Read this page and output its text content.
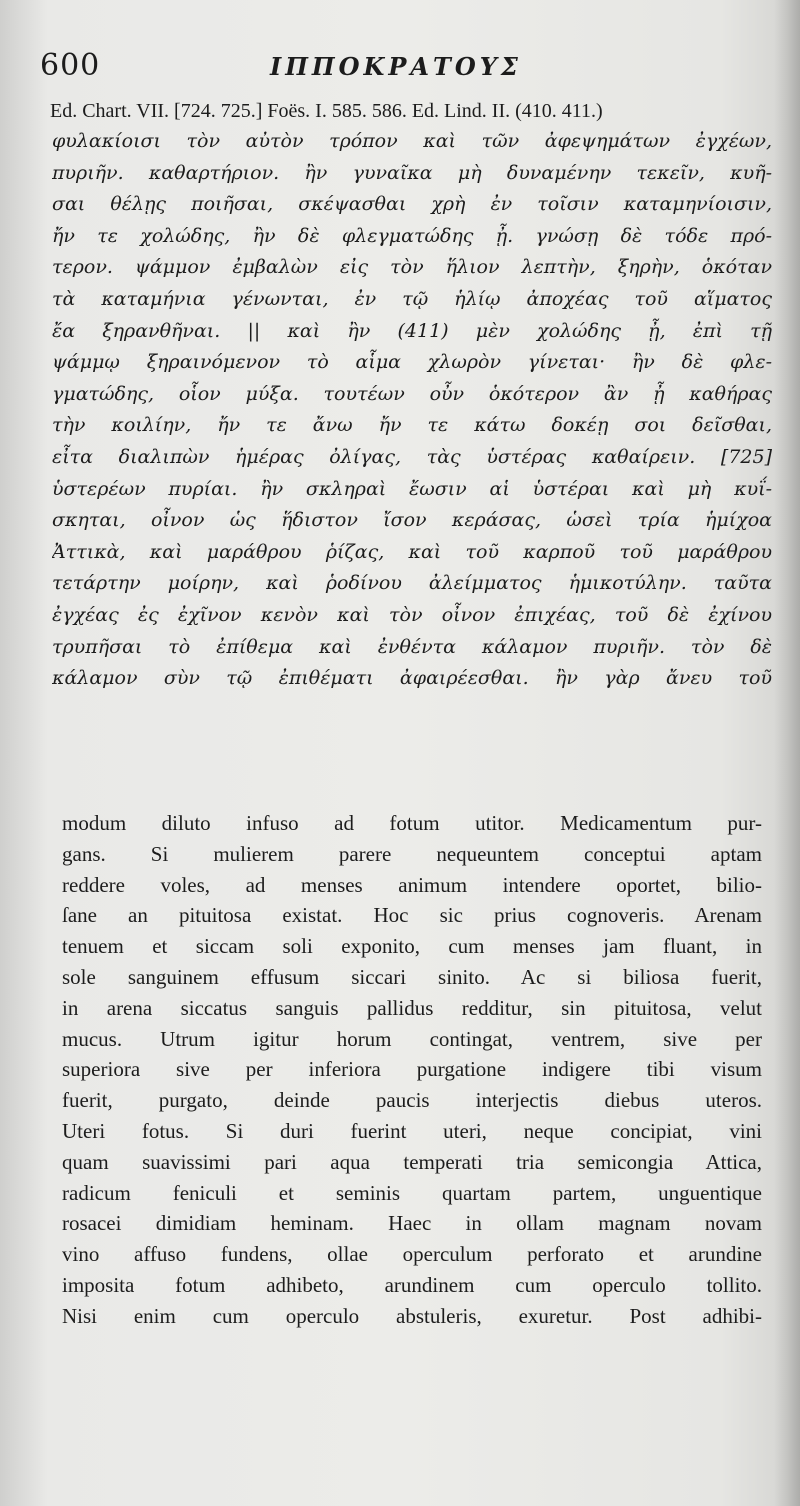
600	ΙΠΠΟΚΡΑΤΟΥΣ
Ed. Chart. VII. [724. 725.] Foës. I. 585. 586. Ed. Lind. II. (410. 411.)
φυλακίοισι τὸν αὐτὸν τρόπον καὶ τῶν ἀφεψημάτων ἐγχέων,
πυριῆν. καθαρτήριον. ἢν γυναῖκα μὴ δυναμένην τεκεῖν, κυῆ-
σαι θέλῃς ποιῆσαι, σκέψασθαι χρὴ ἐν τοῖσιν καταμηνίοισιν,
ἤν τε χολώδης, ἢν δὲ φλεγματώδης ᾖ. γνώσῃ δὲ τόδε πρό-
τερον. ψάμμον ἐμβαλὼν εἰς τὸν ἥλιον λεπτὴν, ξηρὴν, ὁκόταν
τὰ καταμήνια γένωνται, ἐν τῷ ἡλίῳ ἀποχέας τοῦ αἵματος
ἔα ξηρανθῆναι. || καὶ ἢν (411) μὲν χολώδης ᾖ, ἐπὶ τῇ
ψάμμῳ ξηραινόμενον τὸ αἷμα χλωρὸν γίνεται· ἢν δὲ φλε-
γματώδης, οἷον μύξα. τουτέων οὖν ὁκότερον ἂν ᾖ καθήρας
τὴν κοιλίην, ἤν τε ἄνω ἤν τε κάτω δοκέῃ σοι δεῖσθαι,
εἶτα διαλιπὼν ἡμέρας ὀλίγας, τὰς ὑστέρας καθαίρειν. [725]
ὑστερέων πυρίαι. ἢν σκληραὶ ἔωσιν αἱ ὑστέραι καὶ μὴ κυΐ-
σκηται, οἶνον ὡς ἥδιστον ἴσον κεράσας, ὡσεὶ τρία ἡμίχοα
Ἀττικὰ, καὶ μαράθρου ῥίζας, καὶ τοῦ καρποῦ τοῦ μαράθρου
τετάρτην μοίρην, καὶ ῥοδίνου ἀλείμματος ἡμικοτύλην. ταῦτα
ἐγχέας ἐς ἐχῖνον κενὸν καὶ τὸν οἶνον ἐπιχέας, τοῦ δὲ ἐχίνου
τρυπῆσαι τὸ ἐπίθεμα καὶ ἐνθέντα κάλαμον πυριῆν. τὸν δὲ
κάλαμον σὺν τῷ ἐπιθέματι ἀφαιρέεσθαι. ἢν γὰρ ἄνευ τοῦ
modum diluto infuso ad fotum utitor. Medicamentum pur-
gans. Si mulierem parere nequeuntem conceptui aptam
reddere voles, ad menses animum intendere oportet, bilio-
ſane an pituitosa existat. Hoc sic prius cognoveris. Arenam
tenuem et siccam soli exponito, cum menses jam fluant, in
sole sanguinem effusum siccari sinito. Ac si biliosa fuerit,
in arena siccatus sanguis pallidus redditur, sin pituitosa, velut
mucus. Utrum igitur horum contingat, ventrem, sive per
superiora sive per inferiora purgatione indigere tibi visum
fuerit, purgato, deinde paucis interjectis diebus uteros.
Uteri fotus. Si duri fuerint uteri, neque concipiat, vini
quam suavissimi pari aqua temperati tria semicongia Attica,
radicum feniculi et seminis quartam partem, unguentique
rosacei dimidiam heminam. Haec in ollam magnam novam
vino affuso fundens, ollae operculum perforato et arundine
imposita fotum adhibeto, arundinem cum operculo tollito.
Nisi enim cum operculo abstuleris, exuretur. Post adhibi-
